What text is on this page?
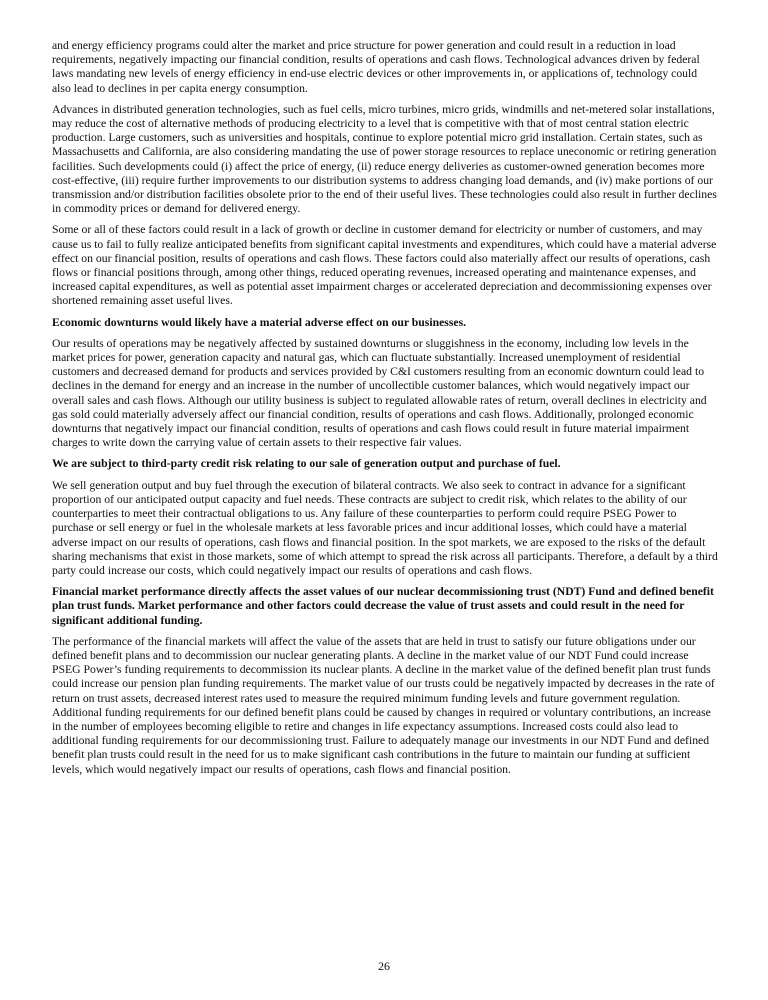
and energy efficiency programs could alter the market and price structure for power generation and could result in a reduction in load requirements, negatively impacting our financial condition, results of operations and cash flows. Technological advances driven by federal laws mandating new levels of energy efficiency in end-use electric devices or other improvements in, or applications of, technology could also lead to declines in per capita energy consumption.

Advances in distributed generation technologies, such as fuel cells, micro turbines, micro grids, windmills and net-metered solar installations, may reduce the cost of alternative methods of producing electricity to a level that is competitive with that of most central station electric production. Large customers, such as universities and hospitals, continue to explore potential micro grid installation. Certain states, such as Massachusetts and California, are also considering mandating the use of power storage resources to replace uneconomic or retiring generation facilities. Such developments could (i) affect the price of energy, (ii) reduce energy deliveries as customer-owned generation becomes more cost-effective, (iii) require further improvements to our distribution systems to address changing load demands, and (iv) make portions of our transmission and/or distribution facilities obsolete prior to the end of their useful lives. These technologies could also result in further declines in commodity prices or demand for delivered energy.

Some or all of these factors could result in a lack of growth or decline in customer demand for electricity or number of customers, and may cause us to fail to fully realize anticipated benefits from significant capital investments and expenditures, which could have a material adverse effect on our financial position, results of operations and cash flows. These factors could also materially affect our results of operations, cash flows or financial positions through, among other things, reduced operating revenues, increased operating and maintenance expenses, and increased capital expenditures, as well as potential asset impairment charges or accelerated depreciation and decommissioning expenses over shortened remaining asset useful lives.

Economic downturns would likely have a material adverse effect on our businesses.

Our results of operations may be negatively affected by sustained downturns or sluggishness in the economy, including low levels in the market prices for power, generation capacity and natural gas, which can fluctuate substantially. Increased unemployment of residential customers and decreased demand for products and services provided by C&I customers resulting from an economic downturn could lead to declines in the demand for energy and an increase in the number of uncollectible customer balances, which would negatively impact our overall sales and cash flows. Although our utility business is subject to regulated allowable rates of return, overall declines in electricity and gas sold could materially adversely affect our financial condition, results of operations and cash flows. Additionally, prolonged economic downturns that negatively impact our financial condition, results of operations and cash flows could result in future material impairment charges to write down the carrying value of certain assets to their respective fair values.

We are subject to third-party credit risk relating to our sale of generation output and purchase of fuel.

We sell generation output and buy fuel through the execution of bilateral contracts. We also seek to contract in advance for a significant proportion of our anticipated output capacity and fuel needs. These contracts are subject to credit risk, which relates to the ability of our counterparties to meet their contractual obligations to us. Any failure of these counterparties to perform could require PSEG Power to purchase or sell energy or fuel in the wholesale markets at less favorable prices and incur additional losses, which could have a material adverse impact on our results of operations, cash flows and financial position. In the spot markets, we are exposed to the risks of the default sharing mechanisms that exist in those markets, some of which attempt to spread the risk across all participants. Therefore, a default by a third party could increase our costs, which could negatively impact our results of operations and cash flows.

Financial market performance directly affects the asset values of our nuclear decommissioning trust (NDT) Fund and defined benefit plan trust funds. Market performance and other factors could decrease the value of trust assets and could result in the need for significant additional funding.

The performance of the financial markets will affect the value of the assets that are held in trust to satisfy our future obligations under our defined benefit plans and to decommission our nuclear generating plants. A decline in the market value of our NDT Fund could increase PSEG Power’s funding requirements to decommission its nuclear plants. A decline in the market value of the defined benefit plan trust funds could increase our pension plan funding requirements. The market value of our trusts could be negatively impacted by decreases in the rate of return on trust assets, decreased interest rates used to measure the required minimum funding levels and future government regulation. Additional funding requirements for our defined benefit plans could be caused by changes in required or voluntary contributions, an increase in the number of employees becoming eligible to retire and changes in life expectancy assumptions. Increased costs could also lead to additional funding requirements for our decommissioning trust. Failure to adequately manage our investments in our NDT Fund and defined benefit plan trusts could result in the need for us to make significant cash contributions in the future to maintain our funding at sufficient levels, which would negatively impact our results of operations, cash flows and financial position.

26
